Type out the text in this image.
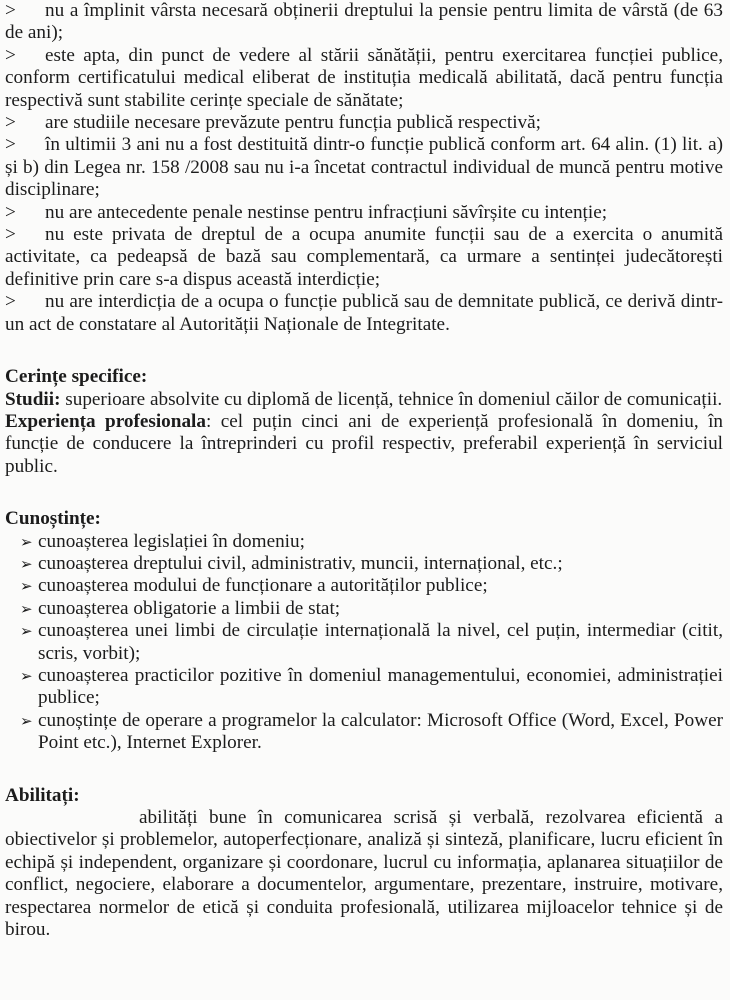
> nu a împlinit vârsta necesară obținerii dreptului la pensie pentru limita de vârstă (de 63 de ani);

> este apta, din punct de vedere al stării sănătății, pentru exercitarea funcției publice, conform certificatului medical eliberat de instituția medicală abilitată, dacă pentru funcția respectivă sunt stabilite cerințe speciale de sănătate;

> are studiile necesare prevăzute pentru funcția publică respectivă;

> în ultimii 3 ani nu a fost destituită dintr-o funcție publică conform art. 64 alin. (1) lit. a) și b) din Legea nr. 158 /2008 sau nu i-a încetat contractul individual de muncă pentru motive disciplinare;

> nu are antecedente penale nestinse pentru infracțiuni săvîrșite cu intenție;

> nu este privata de dreptul de a ocupa anumite funcții sau de a exercita o anumită activitate, ca pedeapsă de bază sau complementară, ca urmare a sentinței judecătorești definitive prin care s-a dispus această interdicție;

> nu are interdicția de a ocupa o funcție publică sau de demnitate publică, ce derivă dintr-un act de constatare al Autorității Naționale de Integritate.

Cerințe specifice:

Studii: superioare absolvite cu diplomă de licență, tehnice în domeniul căilor de comunicații.

Experiența profesionala: cel puțin cinci ani de experiență profesională în domeniu, în funcție de conducere la întreprinderi cu profil respectiv, preferabil experiență în serviciul public.

Cunoștințe:

➢ cunoașterea legislației în domeniu;

➢ cunoașterea dreptului civil, administrativ, muncii, internațional, etc.;

➢ cunoașterea modului de funcționare a autorităților publice;

➢ cunoașterea obligatorie a limbii de stat;

➢ cunoașterea unei limbi de circulație internațională la nivel, cel puțin, intermediar (citit, scris, vorbit);

➢ cunoașterea practicilor pozitive în domeniul managementului, economiei, administrației publice;

➢ cunoștințe de operare a programelor la calculator: Microsoft Office (Word, Excel, Power Point etc.), Internet Explorer.

Abilitați:

abilități bune în comunicarea scrisă și verbală, rezolvarea eficientă a obiectivelor și problemelor, autoperfecționare, analiză și sinteză, planificare, lucru eficient în echipă și independent, organizare și coordonare, lucrul cu informația, aplanarea situațiilor de conflict, negociere, elaborare a documentelor, argumentare, prezentare, instruire, motivare, respectarea normelor de etică și conduita profesională, utilizarea mijloacelor tehnice și de birou.
